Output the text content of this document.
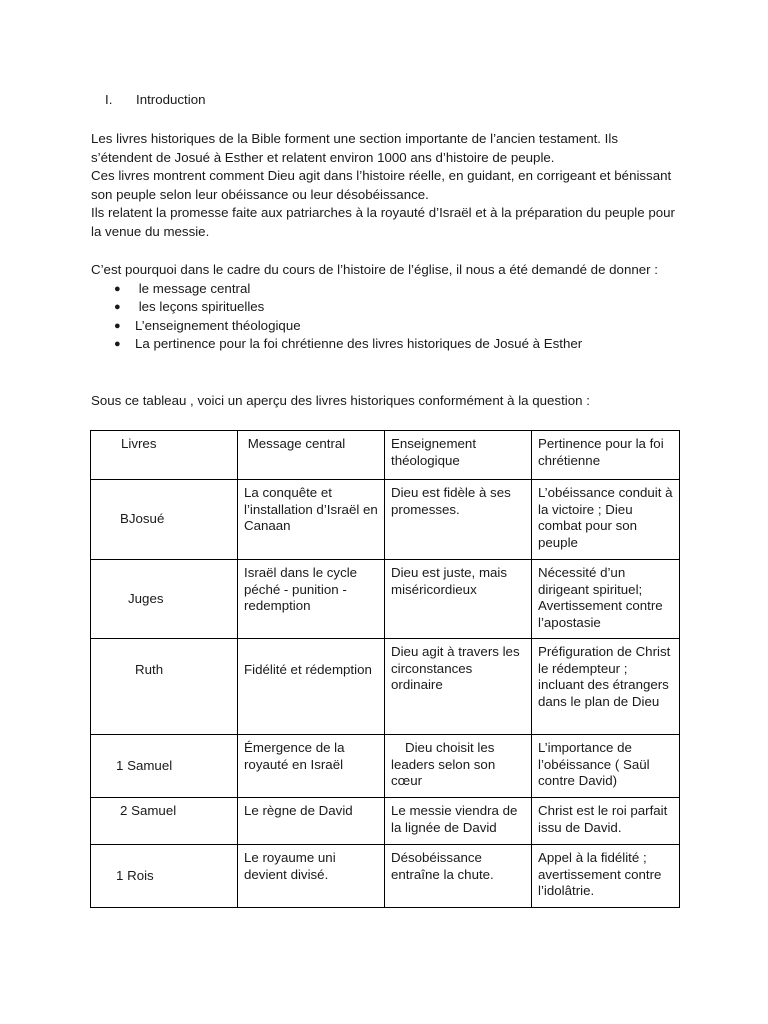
I.	Introduction

Les livres historiques de la Bible forment une section importante de l’ancien testament. Ils s’étendent de Josué à Esther et relatent environ 1000 ans d’histoire de peuple.

Ces livres montrent comment Dieu agit dans l’histoire réelle, en guidant, en corrigeant et bénissant son peuple selon leur obéissance ou leur désobéissance.

Ils relatent la promesse faite aux patriarches à la royauté d’Israël et à la préparation du peuple pour la venue du messie.

C’est pourquoi dans le cadre du cours de l’histoire de l’église, il nous a été demandé de donner :

● le message central
● les leçons spirituelles
● L’enseignement théologique
● La pertinence pour la foi chrétienne des livres historiques de Josué à Esther

Sous ce tableau , voici un aperçu des livres historiques conformément à la question :

Livres	Message central	Enseignement théologique	Pertinence pour la foi chrétienne
BJosué	La conquête et l’installation d’Israël en Canaan	Dieu est fidèle à ses promesses.	L’obéissance conduit à la victoire ; Dieu combat pour son peuple
Juges	Israël dans le cycle péché - punition - redemption	Dieu est juste, mais miséricordieux	Nécessité d’un dirigeant spirituel; Avertissement contre l’apostasie
Ruth	Fidélité et rédemption	Dieu agit à travers les circonstances ordinaire	Préfiguration de Christ le rédempteur ; incluant des étrangers dans le plan de Dieu
1 Samuel	Émergence de la royauté en Israël	Dieu choisit les leaders selon son cœur	L’importance de l’obéissance ( Saül contre David)
2 Samuel	Le règne de David	Le messie viendra de la lignée de David	Christ est le roi parfait issu de David.
1 Rois	Le royaume uni devient divisé.	Désobéissance entraîne la chute.	Appel à la fidélité ; avertissement contre l’idolâtrie.
